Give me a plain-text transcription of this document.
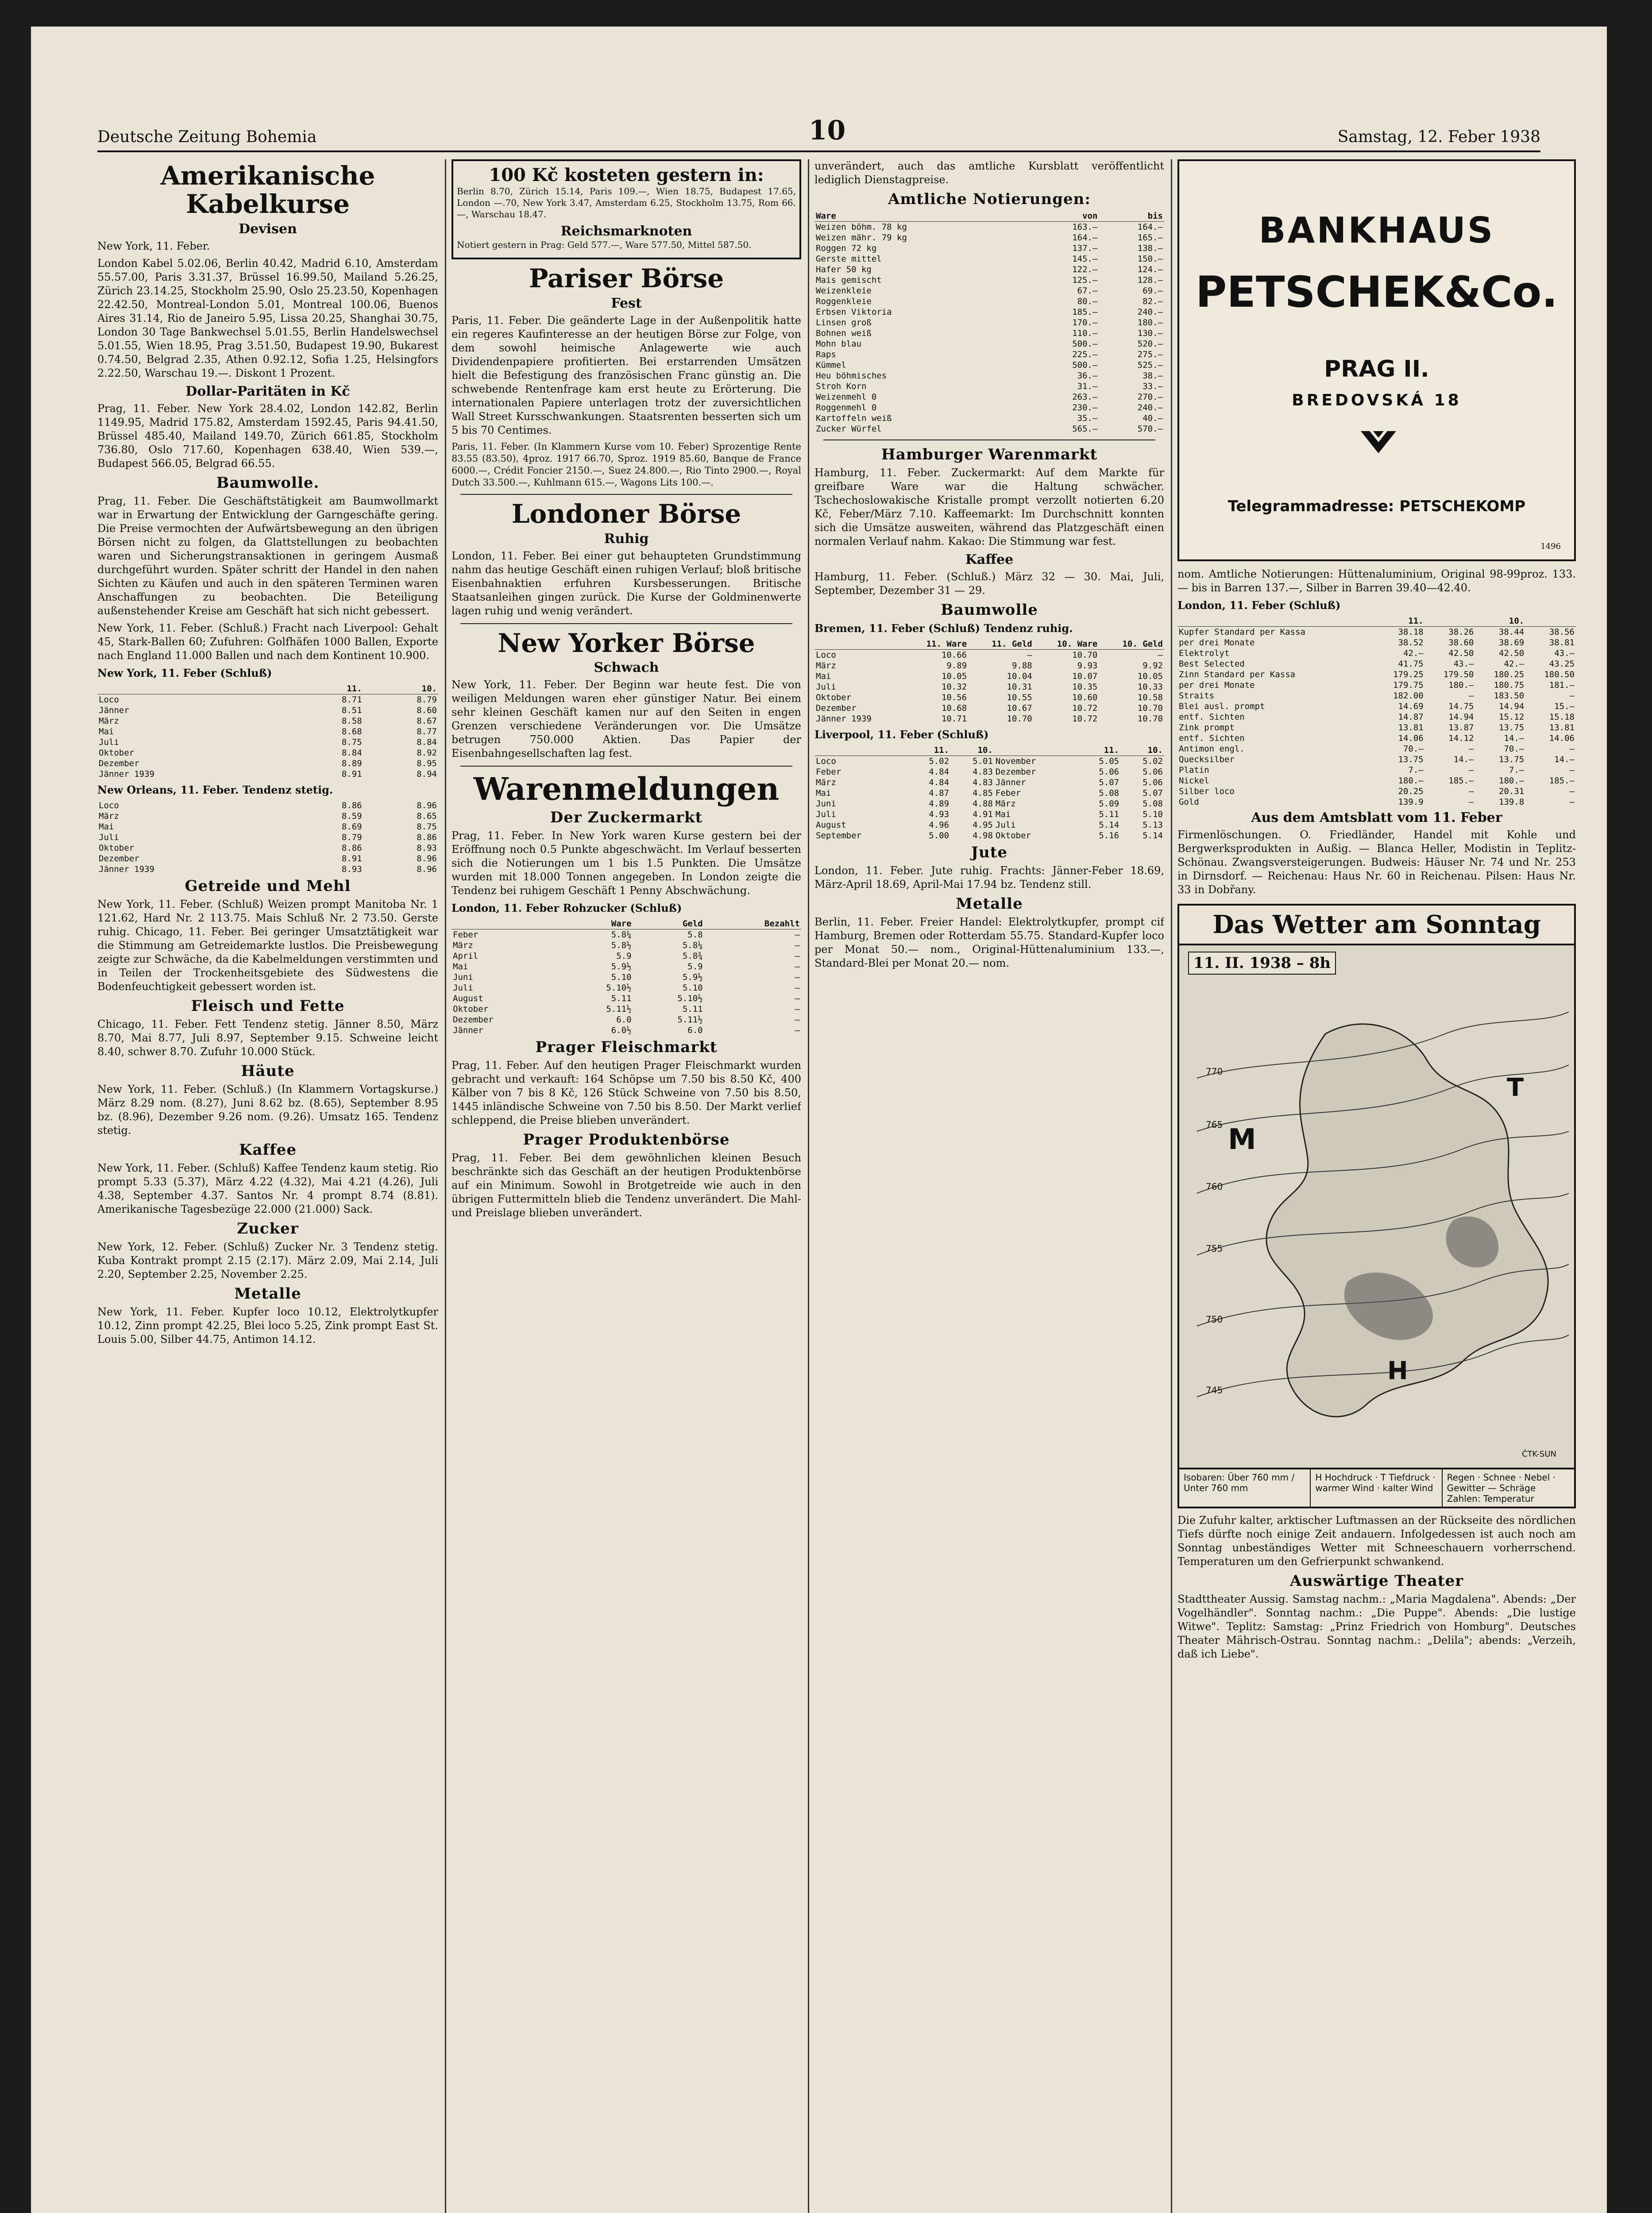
Deutsche Zeitung Bohemia	10	Samstag, 12. Feber 1938
Amerikanische Kabelkurse
Devisen

New York, 11. Feber.

London Kabel 5.02.06, Berlin 40.42, Madrid 6.10, Amsterdam 55.57.00, Paris 3.31.37, Brüssel 16.99.50, Mailand 5.26.25, Zürich 23.14.25, Stockholm 25.90, Oslo 25.23.50, Kopenhagen 22.42.50, Montreal-London 5.01, Montreal 100.06, Buenos Aires 31.14, Rio de Janeiro 5.95, Lissa 20.25, Shanghai 30.75, London 30 Tage Bankwechsel 5.01.55, Berlin Handelswechsel 5.01.55, Wien 18.95, Prag 3.51.50, Budapest 19.90, Bukarest 0.74.50, Belgrad 2.35, Athen 0.92.12, Sofia 1.25, Helsingfors 2.22.50, Warschau 19.—. Diskont 1 Prozent.

Dollar-Paritäten in Kč

Prag, 11. Feber. New York 28.4.02, London 142.82, Berlin 1149.95, Madrid 175.82, Amsterdam 1592.45, Paris 94.41.50, Brüssel 485.40, Mailand 149.70, Zürich 661.85, Stockholm 736.80, Oslo 717.60, Kopenhagen 638.40, Wien 539.—, Budapest 566.05, Belgrad 66.55.

Baumwolle.

Prag, 11. Feber. Die Geschäftstätigkeit am Baumwollmarkt war in Erwartung der Entwicklung der Garngeschäfte gering. Die Preise vermochten der Aufwärtsbewegung an den übrigen Börsen nicht zu folgen, da Glattstellungen zu beobachten waren und Sicherungstransaktionen in geringem Ausmaß durchgeführt wurden. Später schritt der Handel in den nahen Sichten zu Käufen und auch in den späteren Terminen waren Anschaffungen zu beobachten. Die Beteiligung außenstehender Kreise am Geschäft hat sich nicht gebessert.

New York, 11. Feber. (Schluß.) Fracht nach Liverpool: Gehalt 45, Stark-Ballen 60; Zufuhren: Golfhäfen 1000 Ballen, Exporte nach England 11.000 Ballen und nach dem Kontinent 10.900.

New York, 11. Feber (Schluß)

	11.	10.
Loco	8.71	8.79
Jänner	8.51	8.60
März	8.58	8.67
Mai	8.68	8.77
Juli	8.75	8.84
Oktober	8.84	8.92
Dezember	8.89	8.95
Jänner 1939	8.91	8.94

New Orleans, 11. Feber. Tendenz stetig.

Loco	8.86	8.96
März	8.59	8.65
Mai	8.69	8.75
Juli	8.79	8.86
Oktober	8.86	8.93
Dezember	8.91	8.96
Jänner 1939	8.93	8.96
Getreide und Mehl

New York, 11. Feber. (Schluß) Weizen prompt Manitoba Nr. 1 121.62, Hard Nr. 2 113.75. Mais Schluß Nr. 2 73.50. Gerste ruhig. Chicago, 11. Feber. Bei geringer Umsatztätigkeit war die Stimmung am Getreidemarkte lustlos. Die Preisbewegung zeigte zur Schwäche, da die Kabelmeldungen verstimmten und in Teilen der Trockenheitsgebiete des Südwestens die Bodenfeuchtigkeit gebessert worden ist.

Fleisch und Fette

Chicago, 11. Feber. Fett Tendenz stetig. Jänner 8.50, März 8.70, Mai 8.77, Juli 8.97, September 9.15. Schweine leicht 8.40, schwer 8.70. Zufuhr 10.000 Stück.

Häute

New York, 11. Feber. (Schluß.) (In Klammern Vortagskurse.) März 8.29 nom. (8.27), Juni 8.62 bz. (8.65), September 8.95 bz. (8.96), Dezember 9.26 nom. (9.26). Umsatz 165. Tendenz stetig.

Kaffee

New York, 11. Feber. (Schluß) Kaffee Tendenz kaum stetig. Rio prompt 5.33 (5.37), März 4.22 (4.32), Mai 4.21 (4.26), Juli 4.38, September 4.37. Santos Nr. 4 prompt 8.74 (8.81). Amerikanische Tagesbezüge 22.000 (21.000) Sack.

Zucker

New York, 12. Feber. (Schluß) Zucker Nr. 3 Tendenz stetig. Kuba Kontrakt prompt 2.15 (2.17). März 2.09, Mai 2.14, Juli 2.20, September 2.25, November 2.25.

Metalle

New York, 11. Feber. Kupfer loco 10.12, Elektrolytkupfer 10.12, Zinn prompt 42.25, Blei loco 5.25, Zink prompt East St. Louis 5.00, Silber 44.75, Antimon 14.12.

100 Kč kosteten gestern in:

Berlin 8.70, Zürich 15.14, Paris 109.—, Wien 18.75, Budapest 17.65, London —.70, New York 3.47, Amsterdam 6.25, Stockholm 13.75, Rom 66.—, Warschau 18.47.

Reichsmarknoten

Notiert gestern in Prag: Geld 577.—, Ware 577.50, Mittel 587.50.

Pariser Börse
Fest

Paris, 11. Feber. Die geänderte Lage in der Außenpolitik hatte ein regeres Kaufinteresse an der heutigen Börse zur Folge, von dem sowohl heimische Anlagewerte wie auch Dividendenpapiere profitierten. Bei erstarrenden Umsätzen hielt die Befestigung des französischen Franc günstig an. Die schwebende Rentenfrage kam erst heute zu Erörterung. Die internationalen Papiere unterlagen trotz der zuversichtlichen Wall Street Kursschwankungen. Staatsrenten besserten sich um 5 bis 70 Centimes.

Paris, 11. Feber. (In Klammern Kurse vom 10. Feber) Sprozentige Rente 83.55 (83.50), 4proz. 1917 66.70, Sproz. 1919 85.60, Banque de France 6000.—, Crédit Foncier 2150.—, Suez 24.800.—, Rio Tinto 2900.—, Royal Dutch 33.500.—, Kuhlmann 615.—, Wagons Lits 100.—.

Londoner Börse
Ruhig

London, 11. Feber. Bei einer gut behaupteten Grundstimmung nahm das heutige Geschäft einen ruhigen Verlauf; bloß britische Eisenbahnaktien erfuhren Kursbesserungen. Britische Staatsanleihen gingen zurück. Die Kurse der Goldminenwerte lagen ruhig und wenig verändert.

New Yorker Börse
Schwach

New York, 11. Feber. Der Beginn war heute fest. Die von weiligen Meldungen waren eher günstiger Natur. Bei einem sehr kleinen Geschäft kamen nur auf den Seiten in engen Grenzen verschiedene Veränderungen vor. Die Umsätze betrugen 750.000 Aktien. Das Papier der Eisenbahngesellschaften lag fest.

Warenmeldungen
Der Zuckermarkt

Prag, 11. Feber. In New York waren Kurse gestern bei der Eröffnung noch 0.5 Punkte abgeschwächt. Im Verlauf besserten sich die Notierungen um 1 bis 1.5 Punkten. Die Umsätze wurden mit 18.000 Tonnen angegeben. In London zeigte die Tendenz bei ruhigem Geschäft 1 Penny Abschwächung.

London, 11. Feber Rohzucker (Schluß)

	Ware	Geld	Bezahlt
Feber	5.8¼	5.8	—
März	5.8½	5.8¼	—
April	5.9	5.8¾	—
Mai	5.9½	5.9	—
Juni	5.10	5.9½	—
Juli	5.10½	5.10	—
August	5.11	5.10½	—
Oktober	5.11½	5.11	—
Dezember	6.0	5.11½	—
Jänner	6.0½	6.0	—
Prager Fleischmarkt

Prag, 11. Feber. Auf den heutigen Prager Fleischmarkt wurden gebracht und verkauft: 164 Schöpse um 7.50 bis 8.50 Kč, 400 Kälber von 7 bis 8 Kč, 126 Stück Schweine von 7.50 bis 8.50, 1445 inländische Schweine von 7.50 bis 8.50. Der Markt verlief schleppend, die Preise blieben unverändert.

Prager Produktenbörse

Prag, 11. Feber. Bei dem gewöhnlichen kleinen Besuch beschränkte sich das Geschäft an der heutigen Produktenbörse auf ein Minimum. Sowohl in Brotgetreide wie auch in den übrigen Futtermitteln blieb die Tendenz unverändert. Die Mahl- und Preislage blieben unverändert.

unverändert, auch das amtliche Kursblatt veröffentlicht lediglich Dienstagpreise.

Amtliche Notierungen:
Ware	von	bis
Weizen böhm. 78 kg	163.—	164.—
Weizen mähr. 79 kg	164.—	165.—
Roggen 72 kg	137.—	138.—
Gerste mittel	145.—	150.—
Hafer 50 kg	122.—	124.—
Mais gemischt	125.—	128.—
Weizenkleie	67.—	69.—
Roggenkleie	80.—	82.—
Erbsen Viktoria	185.—	240.—
Linsen groß	170.—	180.—
Bohnen weiß	110.—	130.—
Mohn blau	500.—	520.—
Raps	225.—	275.—
Kümmel	500.—	525.—
Heu böhmisches	36.—	38.—
Stroh Korn	31.—	33.—
Weizenmehl 0	263.—	270.—
Roggenmehl 0	230.—	240.—
Kartoffeln weiß	35.—	40.—
Zucker Würfel	565.—	570.—
Hamburger Warenmarkt

Hamburg, 11. Feber. Zuckermarkt: Auf dem Markte für greifbare Ware war die Haltung schwächer. Tschechoslowakische Kristalle prompt verzollt notierten 6.20 Kč, Feber/März 7.10. Kaffeemarkt: Im Durchschnitt konnten sich die Umsätze ausweiten, während das Platzgeschäft einen normalen Verlauf nahm. Kakao: Die Stimmung war fest.

Kaffee

Hamburg, 11. Feber. (Schluß.) März 32 — 30. Mai, Juli, September, Dezember 31 — 29.

Baumwolle

Bremen, 11. Feber (Schluß) Tendenz ruhig.

	11. Ware	11. Geld	10. Ware	10. Geld
Loco	10.66	—	10.70	—
März	9.89	9.88	9.93	9.92
Mai	10.05	10.04	10.07	10.05
Juli	10.32	10.31	10.35	10.33
Oktober	10.56	10.55	10.60	10.58
Dezember	10.68	10.67	10.72	10.70
Jänner 1939	10.71	10.70	10.72	10.70

Liverpool, 11. Feber (Schluß)

	11.	10.		11.	10.
Loco	5.02	5.01	November	5.05	5.02
Feber	4.84	4.83	Dezember	5.06	5.06
März	4.84	4.83	Jänner	5.07	5.06
Mai	4.87	4.85	Feber	5.08	5.07
Juni	4.89	4.88	März	5.09	5.08
Juli	4.93	4.91	Mai	5.11	5.10
August	4.96	4.95	Juli	5.14	5.13
September	5.00	4.98	Oktober	5.16	5.14
Jute

London, 11. Feber. Jute ruhig. Frachts: Jänner-Feber 18.69, März-April 18.69, April-Mai 17.94 bz. Tendenz still.

Metalle

Berlin, 11. Feber. Freier Handel: Elektrolytkupfer, prompt cif Hamburg, Bremen oder Rotterdam 55.75. Standard-Kupfer loco per Monat 50.— nom., Original-Hüttenaluminium 133.—, Standard-Blei per Monat 20.— nom.

BANKHAUS
PETSCHEK&Co.
PRAG II.
BREDOVSKÁ 18
Telegrammadresse: PETSCHEKOMP
1496

nom. Amtliche Notierungen: Hüttenaluminium, Original 98-99proz. 133.— bis in Barren 137.—, Silber in Barren 39.40—42.40.

London, 11. Feber (Schluß)

	11.		10.	
Kupfer Standard per Kassa	38.18	38.26	38.44	38.56
per drei Monate	38.52	38.60	38.69	38.81
Elektrolyt	42.—	42.50	42.50	43.—
Best Selected	41.75	43.—	42.—	43.25
Zinn Standard per Kassa	179.25	179.50	180.25	180.50
per drei Monate	179.75	180.—	180.75	181.—
Straits	182.00	—	183.50	—
Blei ausl. prompt	14.69	14.75	14.94	15.—
entf. Sichten	14.87	14.94	15.12	15.18
Zink prompt	13.81	13.87	13.75	13.81
entf. Sichten	14.06	14.12	14.—	14.06
Antimon engl.	70.—	—	70.—	—
Quecksilber	13.75	14.—	13.75	14.—
Platin	7.—	—	7.—	—
Nickel	180.—	185.—	180.—	185.—
Silber loco	20.25	—	20.31	—
Gold	139.9	—	139.8	—
Aus dem Amtsblatt vom 11. Feber

Firmenlöschungen. O. Friedländer, Handel mit Kohle und Bergwerksprodukten in Außig. — Blanca Heller, Modistin in Teplitz-Schönau. Zwangsversteigerungen. Budweis: Häuser Nr. 74 und Nr. 253 in Dirnsdorf. — Reichenau: Haus Nr. 60 in Reichenau. Pilsen: Haus Nr. 33 in Dobřany.

Das Wetter am Sonntag
M
H
T
770
765
760
755
750
745
11. II. 1938 – 8h
ČTK-SUN
Isobaren: Über 760 mm / Unter 760 mm
H Hochdruck · T Tiefdruck · warmer Wind · kalter Wind
Regen · Schnee · Nebel · Gewitter — Schräge Zahlen: Temperatur

Die Zufuhr kalter, arktischer Luftmassen an der Rückseite des nördlichen Tiefs dürfte noch einige Zeit andauern. Infolgedessen ist auch noch am Sonntag unbeständiges Wetter mit Schneeschauern vorherrschend. Temperaturen um den Gefrierpunkt schwankend.

Auswärtige Theater

Stadttheater Aussig. Samstag nachm.: „Maria Magdalena". Abends: „Der Vogelhändler". Sonntag nachm.: „Die Puppe". Abends: „Die lustige Witwe". Teplitz: Samstag: „Prinz Friedrich von Homburg". Deutsches Theater Mährisch-Ostrau. Sonntag nachm.: „Delila"; abends: „Verzeih, daß ich Liebe".
